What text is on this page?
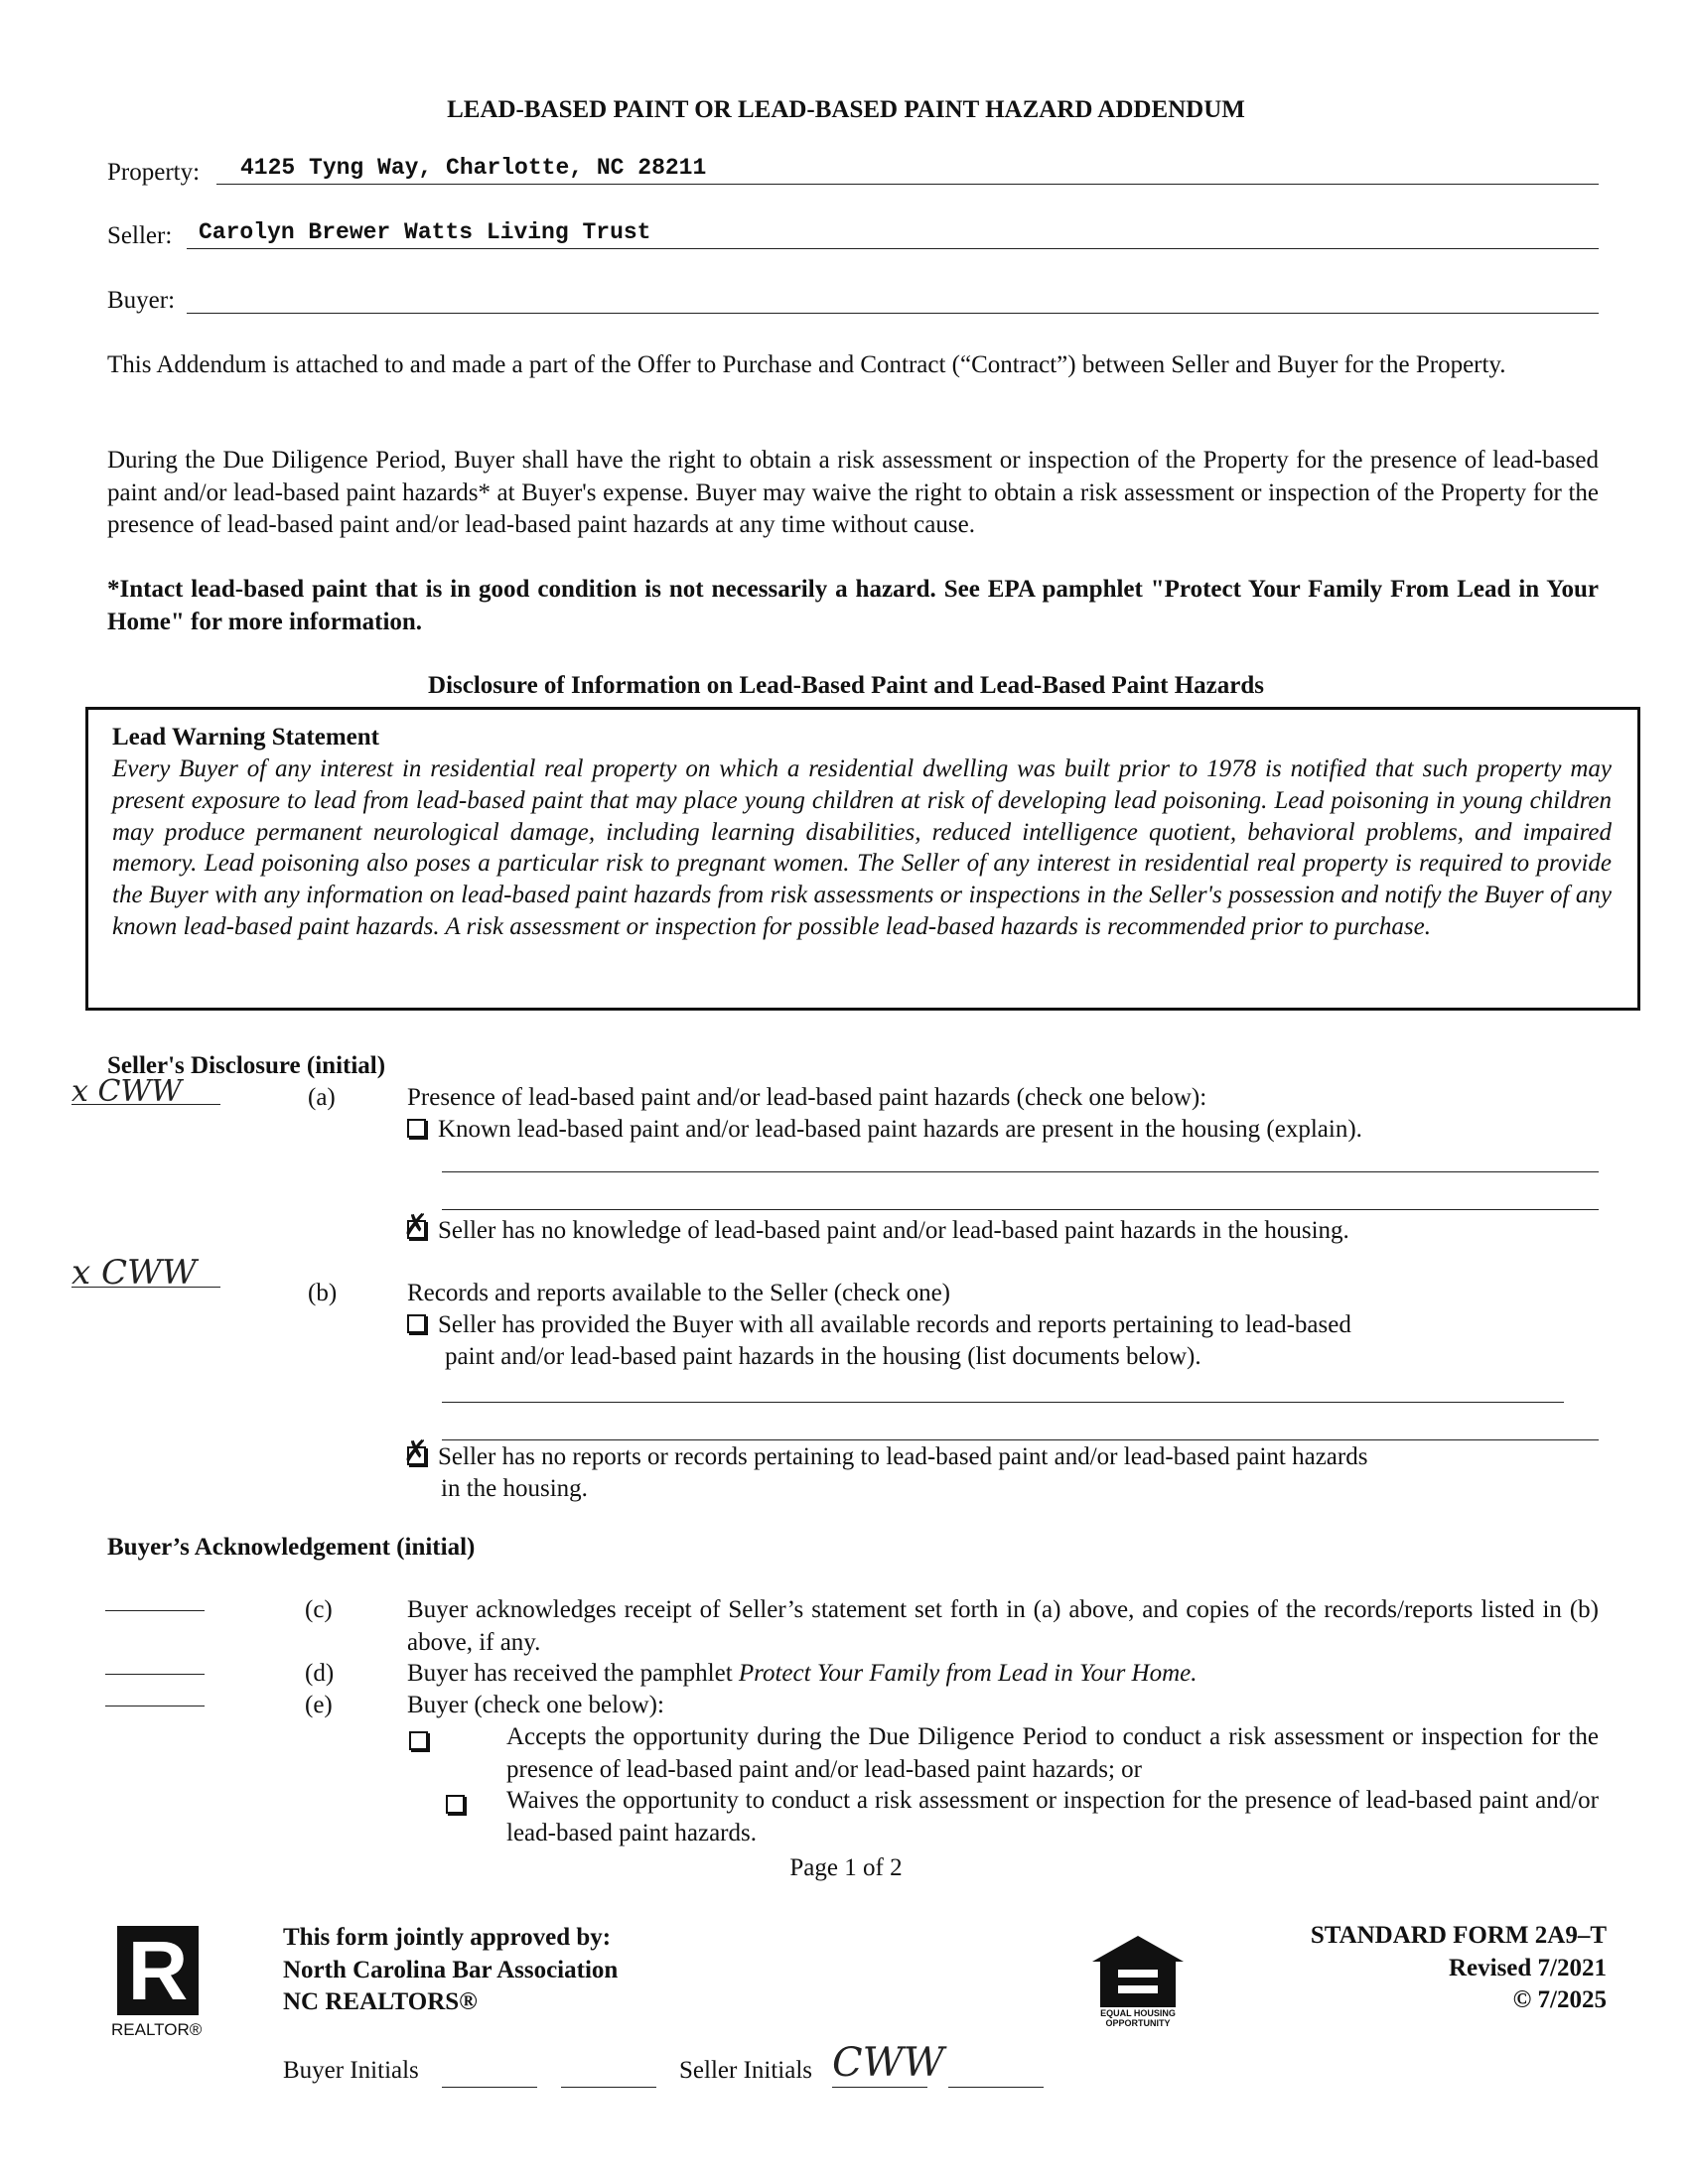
LEAD-BASED PAINT OR LEAD-BASED PAINT HAZARD ADDENDUM
Property: 4125 Tyng Way, Charlotte, NC 28211
Seller: Carolyn Brewer Watts Living Trust
Buyer:
This Addendum is attached to and made a part of the Offer to Purchase and Contract (“Contract”) between Seller and Buyer for the Property.
During the Due Diligence Period, Buyer shall have the right to obtain a risk assessment or inspection of the Property for the presence of lead-based paint and/or lead-based paint hazards* at Buyer's expense. Buyer may waive the right to obtain a risk assessment or inspection of the Property for the presence of lead-based paint and/or lead-based paint hazards at any time without cause.
*Intact lead-based paint that is in good condition is not necessarily a hazard. See EPA pamphlet "Protect Your Family From Lead in Your Home" for more information.
Disclosure of Information on Lead-Based Paint and Lead-Based Paint Hazards
Lead Warning Statement
Every Buyer of any interest in residential real property on which a residential dwelling was built prior to 1978 is notified that such property may present exposure to lead from lead-based paint that may place young children at risk of developing lead poisoning. Lead poisoning in young children may produce permanent neurological damage, including learning disabilities, reduced intelligence quotient, behavioral problems, and impaired memory. Lead poisoning also poses a particular risk to pregnant women. The Seller of any interest in residential real property is required to provide the Buyer with any information on lead-based paint hazards from risk assessments or inspections in the Seller's possession and notify the Buyer of any known lead-based paint hazards. A risk assessment or inspection for possible lead-based hazards is recommended prior to purchase.
Seller's Disclosure (initial)
x CWW	(a)	Presence of lead-based paint and/or lead-based paint hazards (check one below):
Known lead-based paint and/or lead-based paint hazards are present in the housing (explain).
✗Seller has no knowledge of lead-based paint and/or lead-based paint hazards in the housing.
x CWW
(b)	Records and reports available to the Seller (check one)
Seller has provided the Buyer with all available records and reports pertaining to lead-based
paint and/or lead-based paint hazards in the housing (list documents below).
✗Seller has no reports or records pertaining to lead-based paint and/or lead-based paint hazards
in the housing.
Buyer’s Acknowledgement (initial)
(c)	Buyer acknowledges receipt of Seller’s statement set forth in (a) above, and copies of the records/reports listed in (b) above, if any.
(d)	Buyer has received the pamphlet Protect Your Family from Lead in Your Home.
(e)	Buyer (check one below):

Accepts the opportunity during the Due Diligence Period to conduct a risk assessment or inspection for the presence of lead-based paint and/or lead-based paint hazards; or
Waives the opportunity to conduct a risk assessment or inspection for the presence of lead-based paint and/or lead-based paint hazards.
Page 1 of 2
R
REALTOR®
This form jointly approved by:
North Carolina Bar Association
NC REALTORS®	EQUAL HOUSING OPPORTUNITY
STANDARD FORM 2A9–T
Revised 7/2021
© 7/2025
Buyer Initials	Seller Initials CWW
